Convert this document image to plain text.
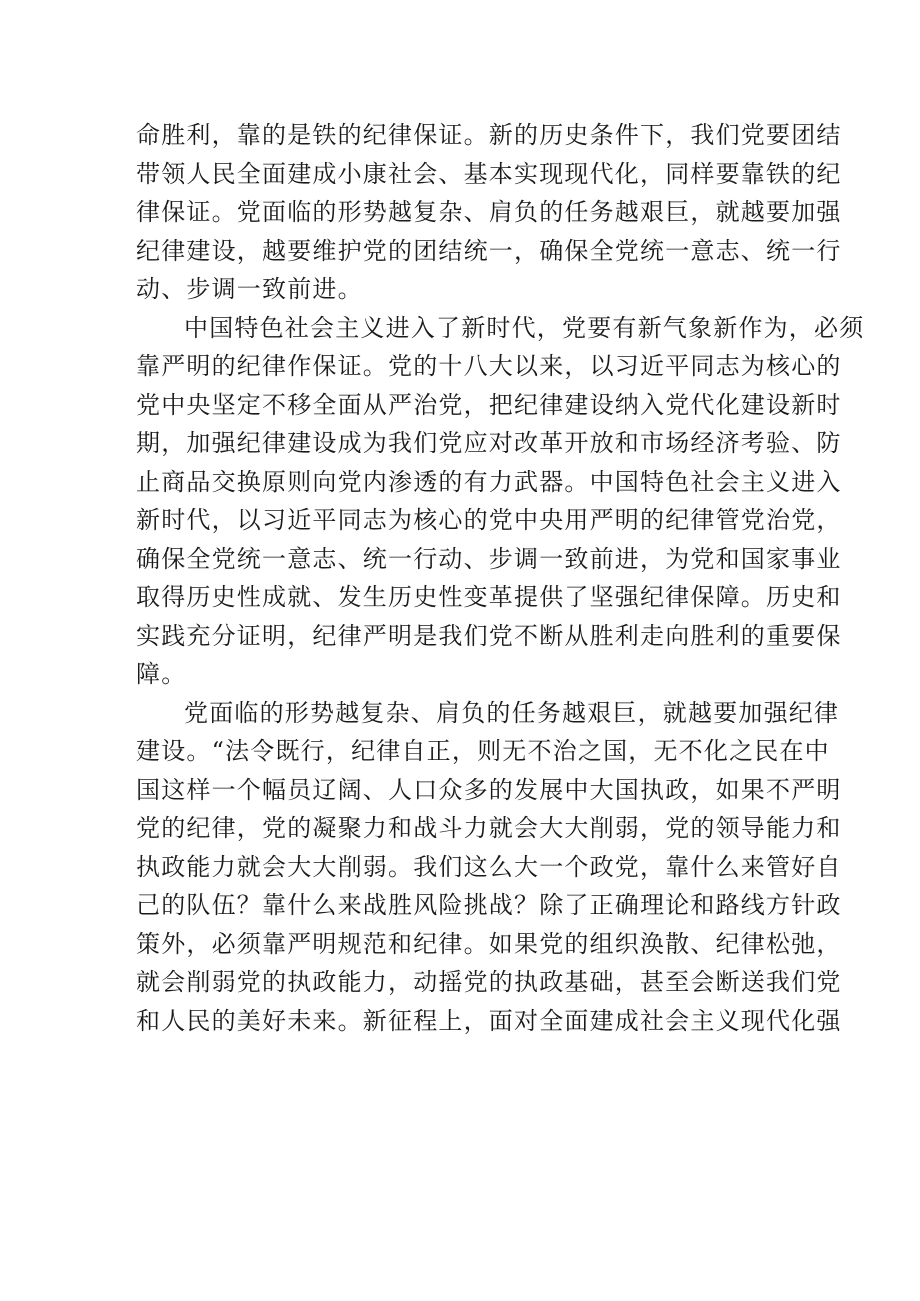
命胜利，靠的是铁的纪律保证。新的历史条件下，我们党要团结
带领人民全面建成小康社会、基本实现现代化，同样要靠铁的纪
律保证。党面临的形势越复杂、肩负的任务越艰巨，就越要加强
纪律建设，越要维护党的团结统一，确保全党统一意志、统一行
动、步调一致前进。
中国特色社会主义进入了新时代，党要有新气象新作为，必须
靠严明的纪律作保证。党的十八大以来，以习近平同志为核心的
党中央坚定不移全面从严治党，把纪律建设纳入党代化建设新时
期，加强纪律建设成为我们党应对改革开放和市场经济考验、防
止商品交换原则向党内渗透的有力武器。中国特色社会主义进入
新时代，以习近平同志为核心的党中央用严明的纪律管党治党，
确保全党统一意志、统一行动、步调一致前进，为党和国家事业
取得历史性成就、发生历史性变革提供了坚强纪律保障。历史和
实践充分证明，纪律严明是我们党不断从胜利走向胜利的重要保
障。
党面临的形势越复杂、肩负的任务越艰巨，就越要加强纪律
建设。“法令既行，纪律自正，则无不治之国，无不化之民在中
国这样一个幅员辽阔、人口众多的发展中大国执政，如果不严明
党的纪律，党的凝聚力和战斗力就会大大削弱，党的领导能力和
执政能力就会大大削弱。我们这么大一个政党，靠什么来管好自
己的队伍？靠什么来战胜风险挑战？除了正确理论和路线方针政
策外，必须靠严明规范和纪律。如果党的组织涣散、纪律松弛，
就会削弱党的执政能力，动摇党的执政基础，甚至会断送我们党
和人民的美好未来。新征程上，面对全面建成社会主义现代化强
